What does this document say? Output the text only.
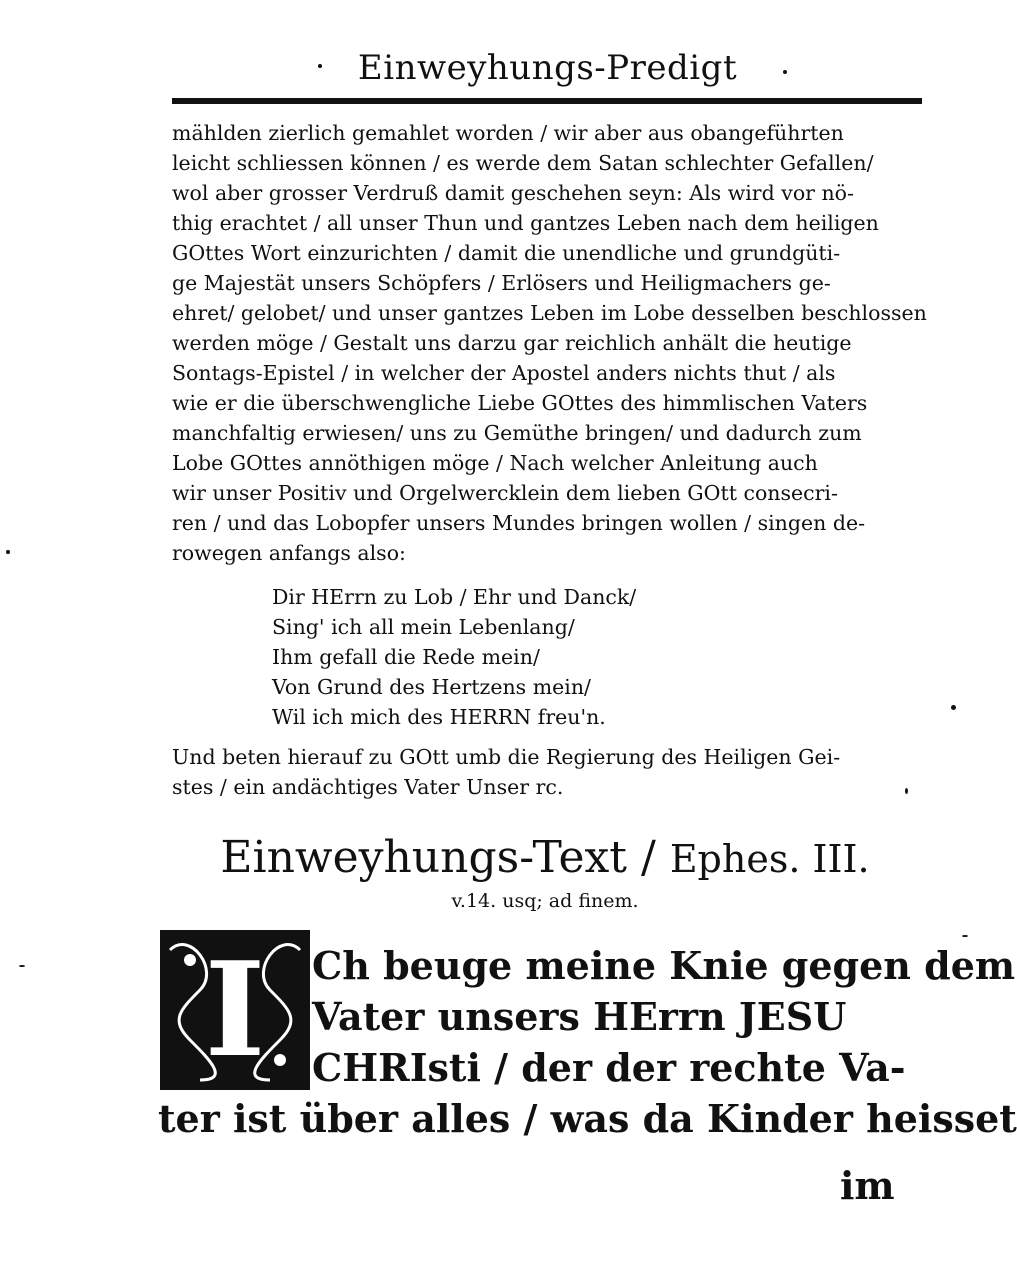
Einweyhungs-Predigt
mählden zierlich gemahlet worden / wir aber aus obangeführten
leicht schliessen können / es werde dem Satan schlechter Gefallen/
wol aber grosser Verdruß damit geschehen seyn: Als wird vor nö-
thig erachtet / all unser Thun und gantzes Leben nach dem heiligen
GOttes Wort einzurichten / damit die unendliche und grundgüti-
ge Majestät unsers Schöpfers / Erlösers und Heiligmachers ge-
ehret/ gelobet/ und unser gantzes Leben im Lobe desselben beschlossen
werden möge / Gestalt uns darzu gar reichlich anhält die heutige
Sontags-Epistel / in welcher der Apostel anders nichts thut / als
wie er die überschwengliche Liebe GOttes des himmlischen Vaters
manchfaltig erwiesen/ uns zu Gemüthe bringen/ und dadurch zum
Lobe GOttes annöthigen möge / Nach welcher Anleitung auch
wir unser Positiv und Orgelwercklein dem lieben GOtt consecri-
ren / und das Lobopfer unsers Mundes bringen wollen / singen de-
rowegen anfangs also:
Dir HErrn zu Lob / Ehr und Danck/
Sing' ich all mein Lebenlang/
Ihm gefall die Rede mein/
Von Grund des Hertzens mein/
Wil ich mich des HERRN freu'n.
Und beten hierauf zu GOtt umb die Regierung des Heiligen Gei-
stes / ein andächtiges Vater Unser rc.
Einweyhungs-Text / Ephes. III.
v.14. usq; ad finem.
I	Ch beuge meine Knie gegen dem
Vater unsers HErrn JESU
CHRIsti / der der rechte Va-
ter ist über alles / was da Kinder heisset
im
